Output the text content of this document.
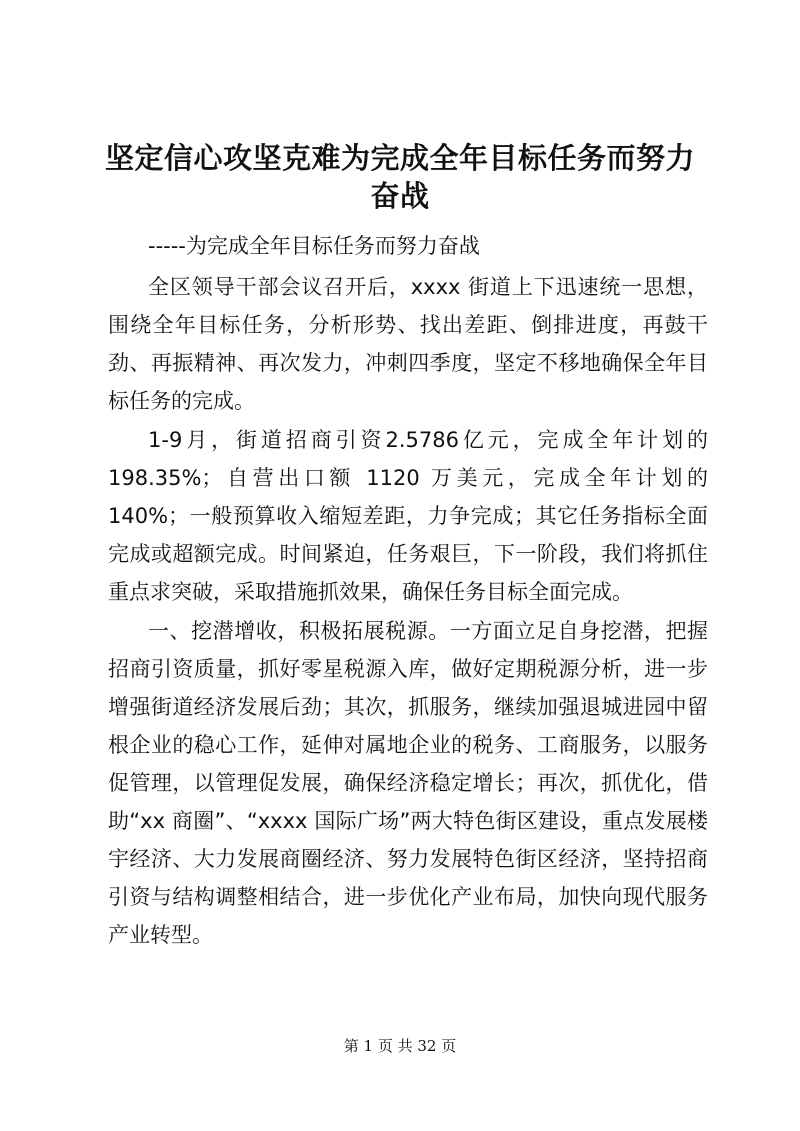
坚定信心攻坚克难为完成全年目标任务而努力奋战

-----为完成全年目标任务而努力奋战

全区领导干部会议召开后，xxxx 街道上下迅速统一思想，围绕全年目标任务，分析形势、找出差距、倒排进度，再鼓干劲、再振精神、再次发力，冲刺四季度，坚定不移地确保全年目标任务的完成。

1-9月，街道招商引资2.5786亿元，完成全年计划的198.35%；自营出口额 1120 万美元，完成全年计划的 140%；一般预算收入缩短差距，力争完成；其它任务指标全面完成或超额完成。时间紧迫，任务艰巨，下一阶段，我们将抓住重点求突破，采取措施抓效果，确保任务目标全面完成。

一、挖潜增收，积极拓展税源。一方面立足自身挖潜，把握招商引资质量，抓好零星税源入库，做好定期税源分析，进一步增强街道经济发展后劲；其次，抓服务，继续加强退城进园中留根企业的稳心工作，延伸对属地企业的税务、工商服务，以服务促管理，以管理促发展，确保经济稳定增长；再次，抓优化，借助“xx 商圈”、“xxxx 国际广场”两大特色街区建设，重点发展楼宇经济、大力发展商圈经济、努力发展特色街区经济，坚持招商引资与结构调整相结合，进一步优化产业布局，加快向现代服务产业转型。

第 1 页 共 32 页
